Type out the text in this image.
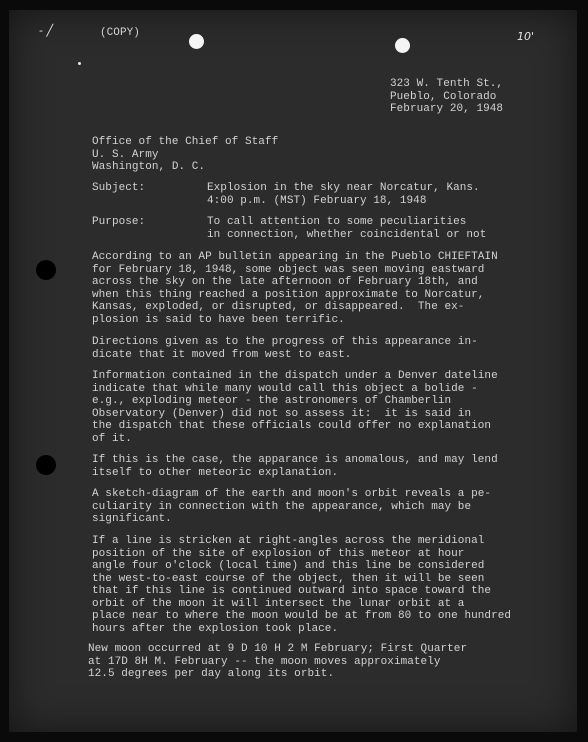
- ╱	(COPY)	10'
323 W. Tenth St.,
Pueblo, Colorado
February 20, 1948
Office of the Chief of Staff
U. S. Army
Washington, D. C.
Subject:	Explosion in the sky near Norcatur, Kans.
4:00 p.m. (MST) February 18, 1948
Purpose:	To call attention to some peculiarities
in connection, whether coincidental or not
According to an AP bulletin appearing in the Pueblo CHIEFTAIN
for February 18, 1948, some object was seen moving eastward
across the sky on the late afternoon of February 18th, and
when this thing reached a position approximate to Norcatur,
Kansas, exploded, or disrupted, or disappeared.  The ex-
plosion is said to have been terrific.
Directions given as to the progress of this appearance in-
dicate that it moved from west to east.
Information contained in the dispatch under a Denver dateline
indicate that while many would call this object a bolide -
e.g., exploding meteor - the astronomers of Chamberlin
Observatory (Denver) did not so assess it:  it is said in
the dispatch that these officials could offer no explanation
of it.
If this is the case, the apparance is anomalous, and may lend
itself to other meteoric explanation.
A sketch-diagram of the earth and moon's orbit reveals a pe-
culiarity in connection with the appearance, which may be
significant.
If a line is stricken at right-angles across the meridional
position of the site of explosion of this meteor at hour
angle four o'clock (local time) and this line be considered
the west-to-east course of the object, then it will be seen
that if this line is continued outward into space toward the
orbit of the moon it will intersect the lunar orbit at a
place near to where the moon would be at from 80 to one hundred
hours after the explosion took place.
New moon occurred at 9 D 10 H 2 M February; First Quarter
at 17D 8H M. February -- the moon moves approximately
12.5 degrees per day along its orbit.
